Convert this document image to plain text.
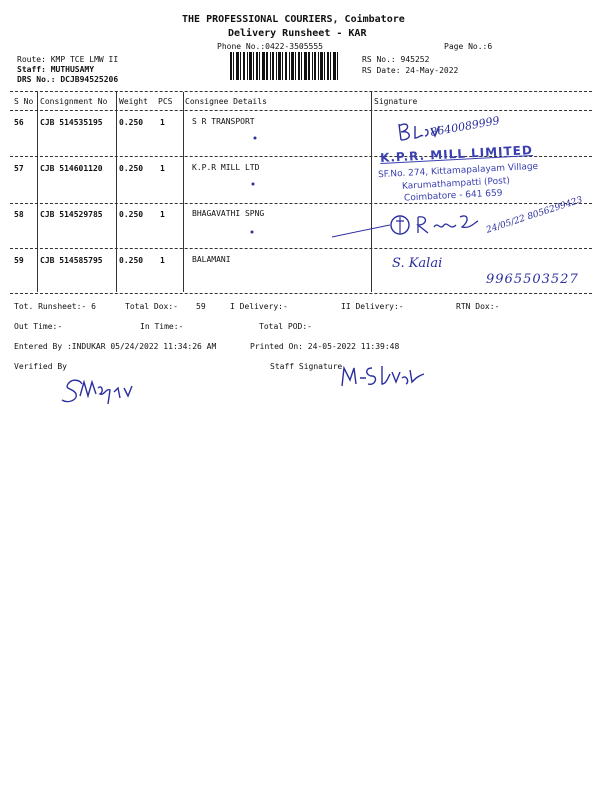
THE PROFESSIONAL COURIERS, Coimbatore
Delivery Runsheet - KAR
Phone No.:0422-3505555	Page No.:6
Route: KMP TCE LMW II
Staff: MUTHUSAMY
DRS No.: DCJB94525206
RS No.: 945252
RS Date: 24-May-2022
S No Consignment No Weight PCS Consignee Details	Signature
56 CJB 514535195 0.250 1	S R TRANSPORT
57 CJB 514601120 0.250 1	K.P.R MILL LTD
58 CJB 514529785 0.250 1	BHAGAVATHI SPNG
59 CJB 514585795 0.250 1	BALAMANI
8640089999
K.P.R. MILL LIMITED
SF.No. 274, Kittamapalayam Village
Karumathampatti (Post)
Coimbatore - 641 659
24/05/22 8056299423
S. Kalai
9965503527
Tot. Runsheet:- 6	Total Dox:- 59	I Delivery:-	II Delivery:-	RTN Dox:-
Out Time:-	In Time:-	Total POD:-
Entered By :INDUKAR 05/24/2022 11:34:26 AM	Printed On: 24-05-2022 11:39:48
Verified By	Staff Signature
